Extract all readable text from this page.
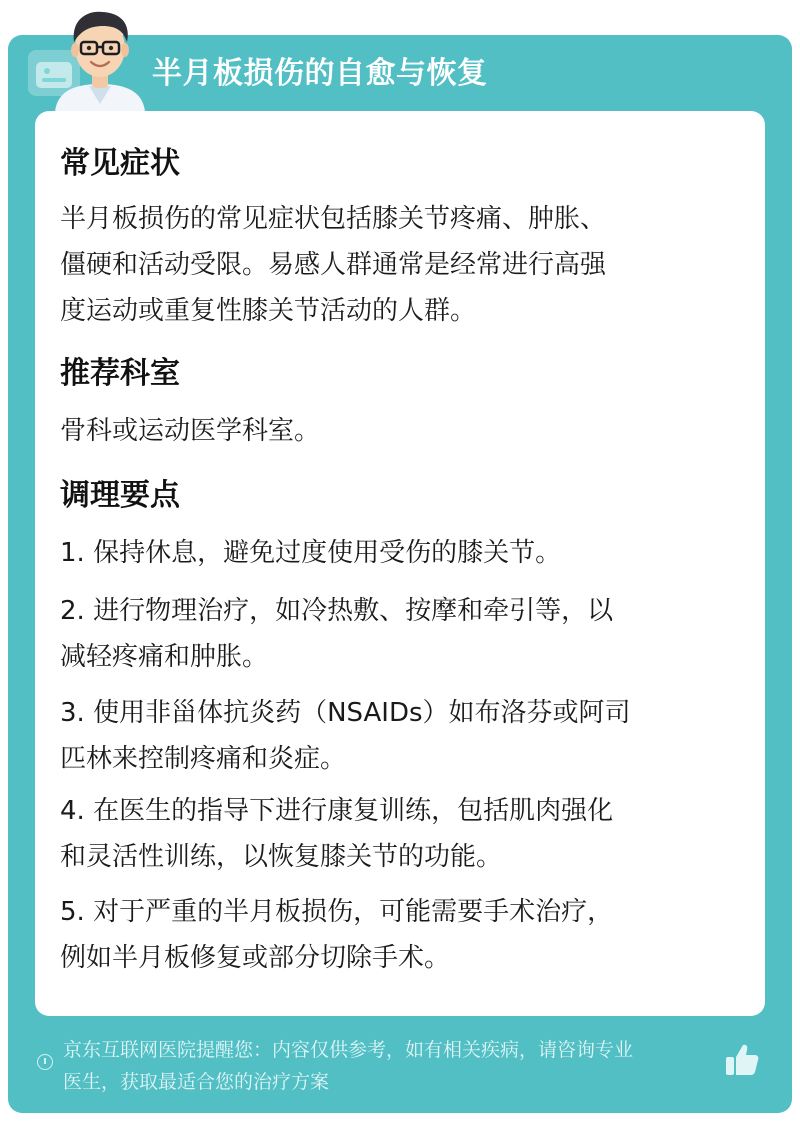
半月板损伤的自愈与恢复
常见症状
半月板损伤的常见症状包括膝关节疼痛、肿胀、
僵硬和活动受限。易感人群通常是经常进行高强
度运动或重复性膝关节活动的人群。
推荐科室
骨科或运动医学科室。
调理要点
1. 保持休息，避免过度使用受伤的膝关节。
2. 进行物理治疗，如冷热敷、按摩和牵引等，以
减轻疼痛和肿胀。
3. 使用非甾体抗炎药（NSAIDs）如布洛芬或阿司
匹林来控制疼痛和炎症。
4. 在医生的指导下进行康复训练，包括肌肉强化
和灵活性训练，以恢复膝关节的功能。
5. 对于严重的半月板损伤，可能需要手术治疗，
例如半月板修复或部分切除手术。
京东互联网医院提醒您：内容仅供参考，如有相关疾病，请咨询专业
医生，获取最适合您的治疗方案
